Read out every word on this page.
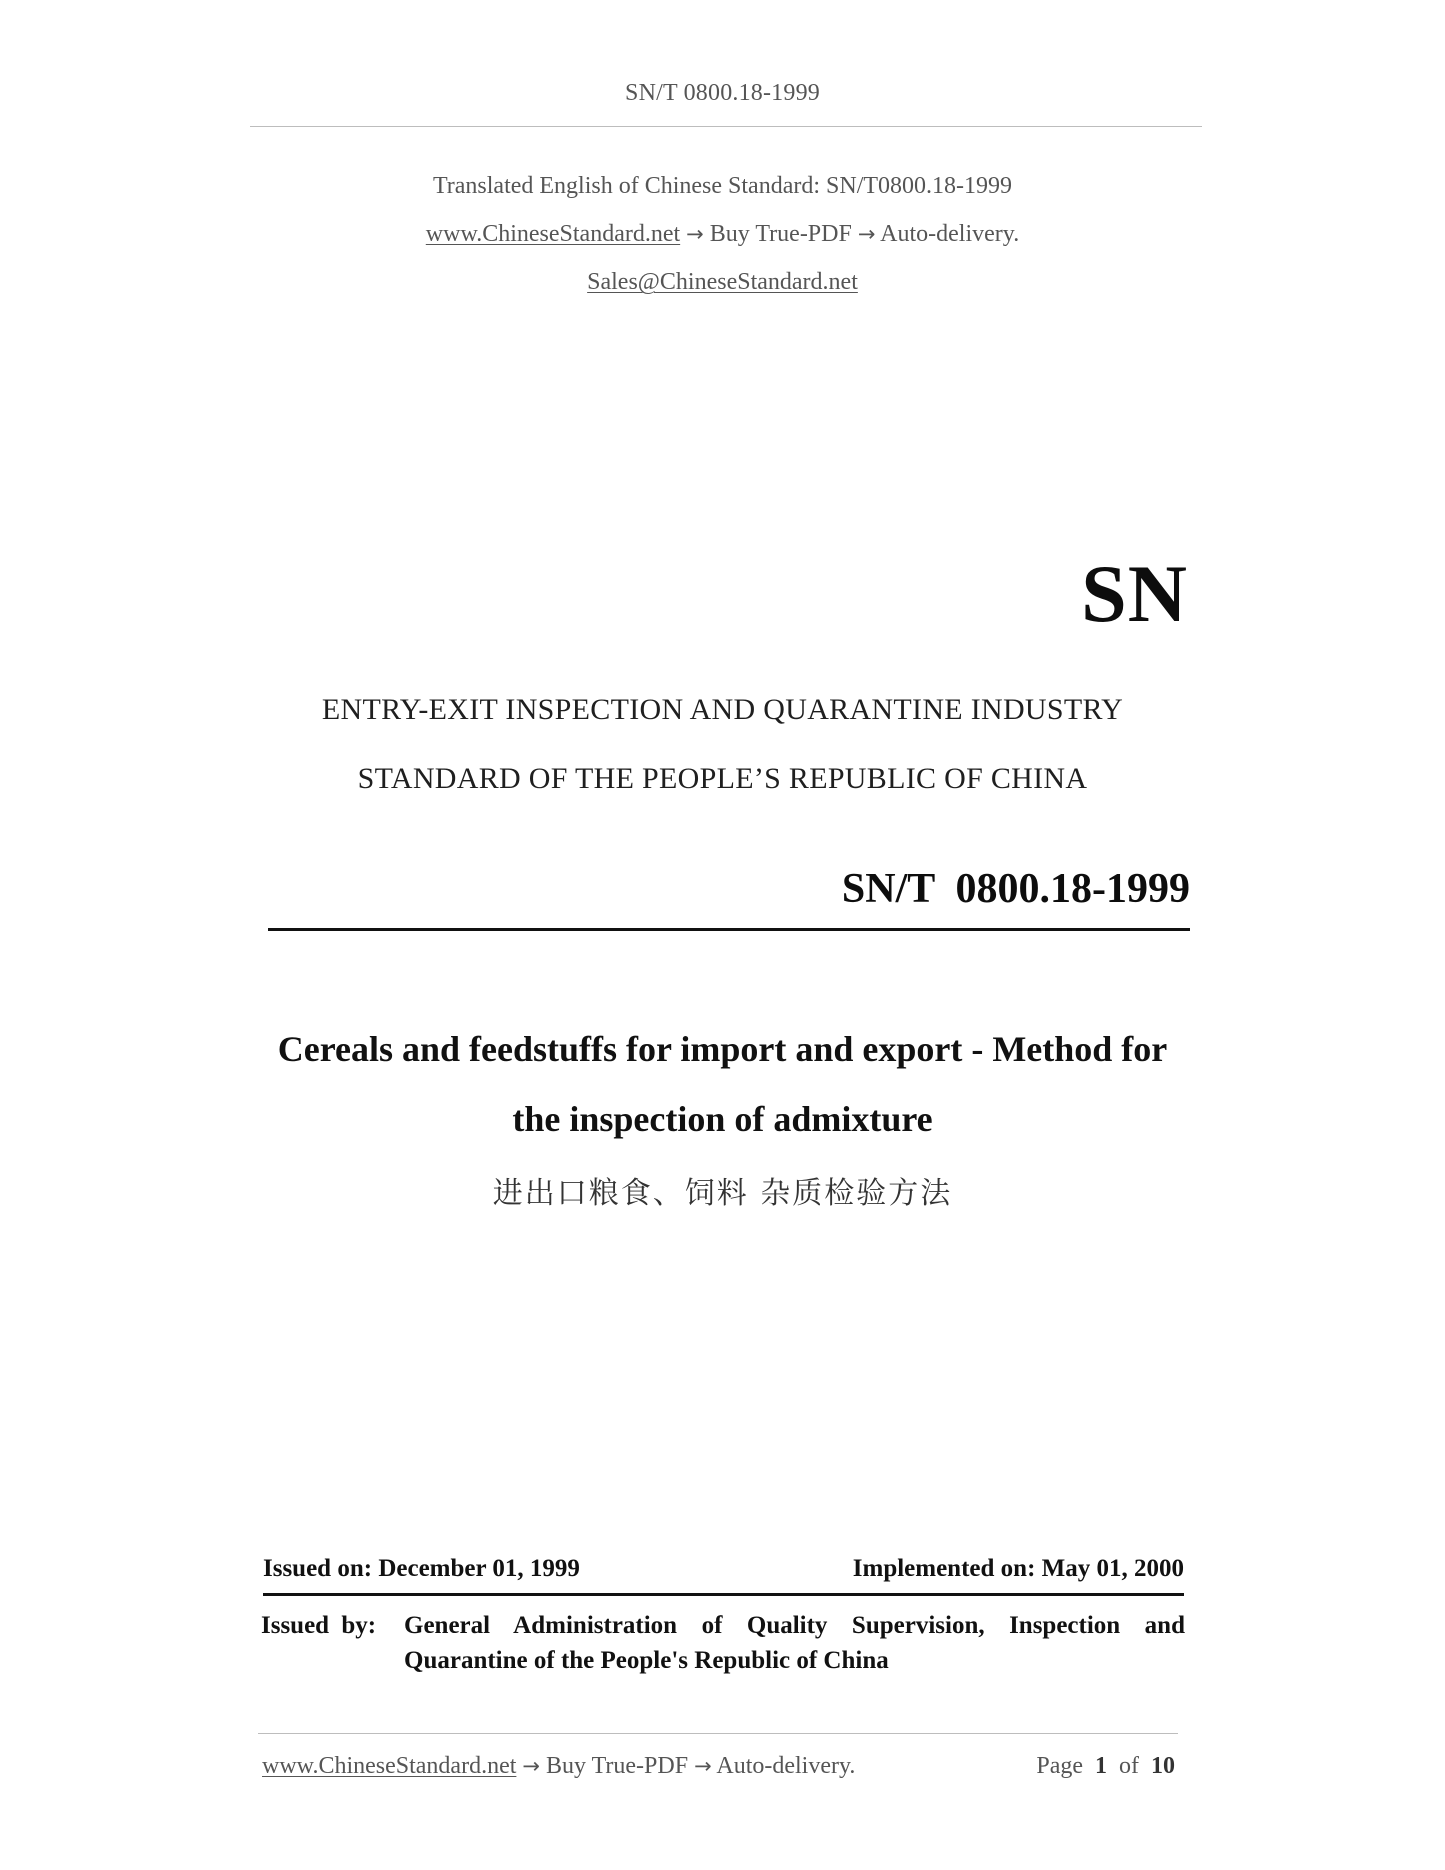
SN/T 0800.18-1999
Translated English of Chinese Standard: SN/T0800.18-1999
www.ChineseStandard.net → Buy True-PDF → Auto-delivery.
Sales@ChineseStandard.net
SN
ENTRY-EXIT INSPECTION AND QUARANTINE INDUSTRY
STANDARD OF THE PEOPLE’S REPUBLIC OF CHINA
SN/T  0800.18-1999
Cereals and feedstuffs for import and export - Method for
the inspection of admixture
进出口粮食、饲料 杂质检验方法
Issued on: December 01, 1999	Implemented on: May 01, 2000
Issued by:	General Administration of Quality Supervision, Inspection and Quarantine of the People's Republic of China
www.ChineseStandard.net → Buy True-PDF → Auto-delivery.	Page 1 of 10
